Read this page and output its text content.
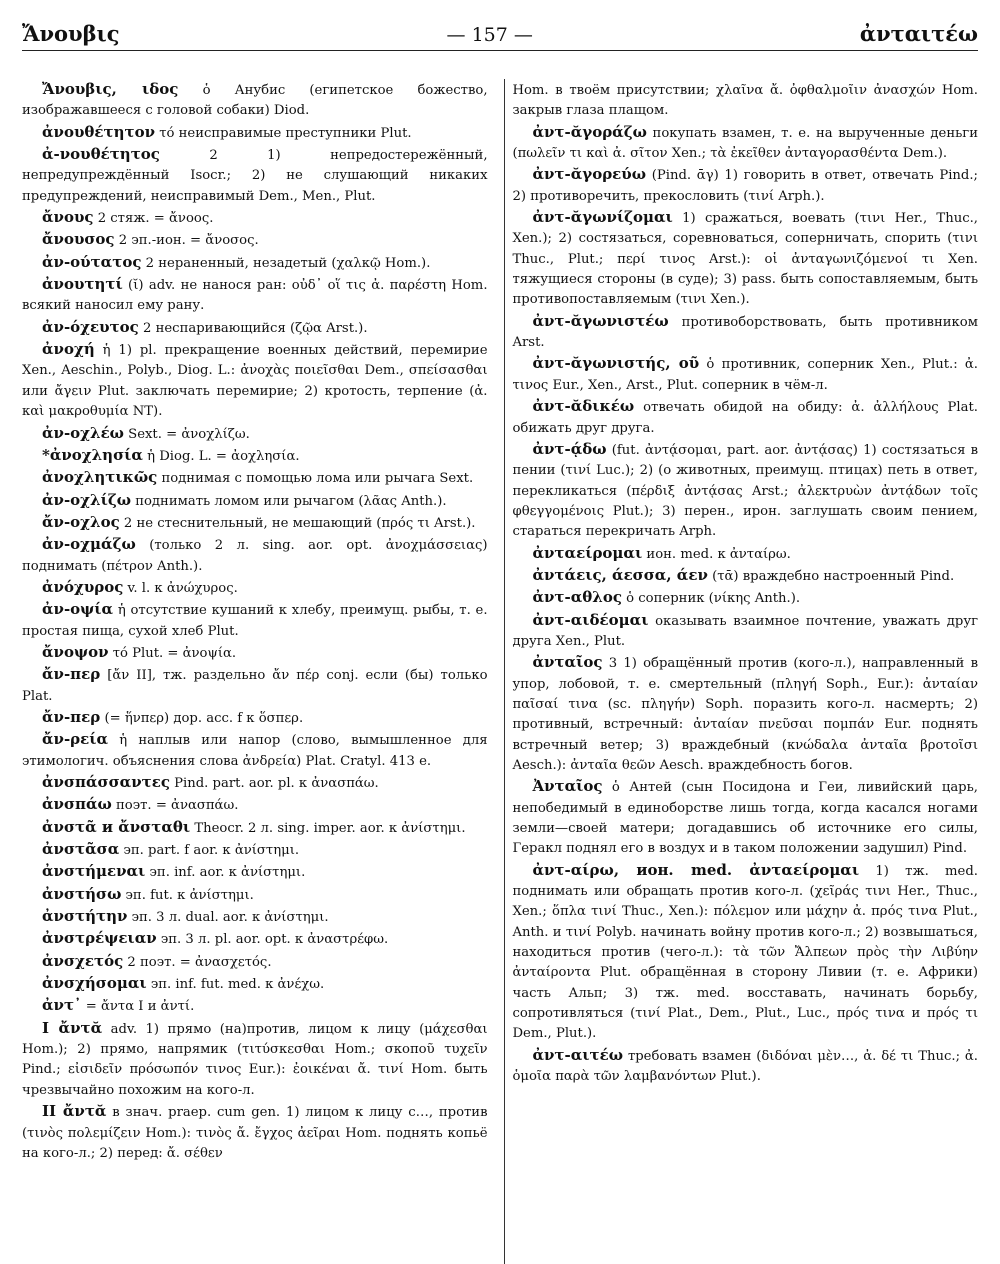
Ἄνουβις	— 157 —	ἀνταιτέω

Ἄνουβις, ιδος ὁ Анубис (египетское божество, изображавшееся с головой собаки) Diod.

ἀνουθέτητον τό неисправимые преступники Plut.

ἀ-νουθέτητος 2 1) непредостережённый, непредупреждённый Isocr.; 2) не слушающий никаких предупреждений, неисправимый Dem., Men., Plut.

ἄνους 2 стяж. = ἄνοος.

ἄνουσος 2 эп.-ион. = ἄνοσος.

ἀν-ούτατος 2 нераненный, незадетый (χαλκῷ Hom.).

ἀνουτητί (ῐ) adv. не нанося ран: οὐδ᾽ οἵ τις ἀ. παρέστη Hom. всякий наносил ему рану.

ἀν-όχευτος 2 неспаривающийся (ζῷα Arst.).

ἀνοχή ἡ 1) pl. прекращение военных действий, перемирие Xen., Aeschin., Polyb., Diog. L.: ἀνοχὰς ποιεῖσθαι Dem., σπείσασθαι или ἄγειν Plut. заключать перемирие; 2) кротость, терпение (ἀ. καὶ μακροθυμία NT).

ἀν-οχλέω Sext. = ἀνοχλίζω.

*ἀνοχλησία ἡ Diog. L. = ἀοχλησία.

ἀνοχλητικῶς поднимая с помощью лома или рычага Sext.

ἀν-οχλίζω поднимать ломом или рычагом (λᾶας Anth.).

ἄν-οχλος 2 не стеснительный, не мешающий (πρός τι Arst.).

ἀν-οχμάζω (только 2 л. sing. aor. opt. ἀνοχμάσσειας) поднимать (πέτρον Anth.).

ἀνόχυρος v. l. к ἀνώχυρος.

ἀν-οψία ἡ отсутствие кушаний к хлебу, преимущ. рыбы, т. е. простая пища, сухой хлеб Plut.

ἄνοψον τό Plut. = ἀνοψία.

ἄν-περ [ἄν II], тж. раздельно ἄν πέρ conj. если (бы) только Plat.

ἄν-περ (= ἥνπερ) дор. acc. f к ὅσπερ.

ἄν-ρεία ἡ наплыв или напор (слово, вымышленное для этимологич. объяснения слова ἀνδρεία) Plat. Cratyl. 413 e.

ἀνσπάσσαντες Pind. part. aor. pl. к ἀνασπάω.

ἀνσπάω поэт. = ἀνασπάω.

ἀνστᾶ и ἄνσταθι Theocr. 2 л. sing. imper. aor. к ἀνίστημι.

ἀνστᾶσα эп. part. f aor. к ἀνίστημι.

ἀνστήμεναι эп. inf. aor. к ἀνίστημι.

ἀνστήσω эп. fut. к ἀνίστημι.

ἀνστήτην эп. 3 л. dual. aor. к ἀνίστημι.

ἀνστρέψειαν эп. 3 л. pl. aor. opt. к ἀναστρέφω.

ἀνσχετός 2 поэт. = ἀνασχετός.

ἀνσχήσομαι эп. inf. fut. med. к ἀνέχω.

ἀντ᾽ = ἄντα I и ἀντί.

I ἄντᾰ adv. 1) прямо (на)против, лицом к лицу (μάχεσθαι Hom.); 2) прямо, напрямик (τιτύσκεσθαι Hom.; σκοποῦ τυχεῖν Pind.; εἰσιδεῖν πρόσωπόν τινος Eur.): ἐοικέναι ἄ. τινί Hom. быть чрезвычайно похожим на кого-л.

II ἄντᾰ в знач. praep. cum gen. 1) лицом к лицу с…, против (τινὸς πολεμίζειν Hom.): τινὸς ἄ. ἔγχος ἀεῖραι Hom. поднять копьё на кого-л.; 2) перед: ἄ. σέθεν

Hom. в твоём присутствии; χλαῖνα ἄ. ὀφθαλμοῖιν ἀνασχών Hom. закрыв глаза плащом.

ἀντ-ᾰγοράζω покупать взамен, т. е. на вырученные деньги (πωλεῖν τι καὶ ἀ. σῖτον Xen.; τὰ ἐκεῖθεν ἀνταγορασθέντα Dem.).

ἀντ-ᾰγορεύω (Pind. ᾱγ) 1) говорить в ответ, отвечать Pind.; 2) противоречить, прекословить (τινί Arph.).

ἀντ-ᾰγωνίζομαι 1) сражаться, воевать (τινι Her., Thuc., Xen.); 2) состязаться, соревноваться, соперничать, спорить (τινι Thuc., Plut.; περί τινος Arst.): οἱ ἀνταγωνιζόμενοί τι Xen. тяжущиеся стороны (в суде); 3) pass. быть сопоставляемым, быть противопоставляемым (τινι Xen.).

ἀντ-ᾰγωνιστέω противоборствовать, быть противником Arst.

ἀντ-ᾰγωνιστής, οῦ ὁ противник, соперник Xen., Plut.: ἀ. τινος Eur., Xen., Arst., Plut. соперник в чём-л.

ἀντ-ᾰδικέω отвечать обидой на обиду: ἀ. ἀλλήλους Plat. обижать друг друга.

ἀντ-ᾴδω (fut. ἀντᾴσομαι, part. aor. ἀντᾴσας) 1) состязаться в пении (τινί Luc.); 2) (о животных, преимущ. птицах) петь в ответ, перекликаться (πέρδιξ ἀντᾴσας Arst.; ἀλεκτρυὼν ἀντᾴδων τοῖς φθεγγομένοις Plut.); 3) перен., ирон. заглушать своим пением, стараться перекричать Arph.

ἀνταείρομαι ион. med. к ἀνταίρω.

ἀντάεις, άεσσα, άεν (τᾱ) враждебно настроенный Pind.

ἀντ-αθλος ὁ соперник (νίκης Anth.).

ἀντ-αιδέομαι оказывать взаимное почтение, уважать друг друга Xen., Plut.

ἀνταῖος 3 1) обращённый против (кого-л.), направленный в упор, лобовой, т. е. смертельный (πληγή Soph., Eur.): ἀνταίαν παῖσαί τινα (sc. πληγήν) Soph. поразить кого-л. насмерть; 2) противный, встречный: ἀνταίαν πνεῦσαι πομπάν Eur. поднять встречный ветер; 3) враждебный (κνώδαλα ἀνταῖα βροτοῖσι Aesch.): ἀνταῖα θεῶν Aesch. враждебность богов.

Ἀνταῖος ὁ Антей (сын Посидона и Геи, ливийский царь, непобедимый в единоборстве лишь тогда, когда касался ногами земли—своей матери; догадавшись об источнике его силы, Геракл поднял его в воздух и в таком положении задушил) Pind.

ἀντ-αίρω, ион. med. ἀνταείρομαι 1) тж. med. поднимать или обращать против кого-л. (χεῖράς τινι Her., Thuc., Xen.; ὅπλα τινί Thuc., Xen.): πόλεμον или μάχην ἀ. πρός τινα Plut., Anth. и τινί Polyb. начинать войну против кого-л.; 2) возвышаться, находиться против (чего-л.): τὰ τῶν Ἄλπεων πρὸς τὴν Λιβύην ἀνταίροντα Plut. обращённая в сторону Ливии (т. е. Африки) часть Альп; 3) тж. med. восставать, начинать борьбу, сопротивляться (τινί Plat., Dem., Plut., Luc., πρός τινα и πρός τι Dem., Plut.).

ἀντ-αιτέω требовать взамен (διδόναι μὲν…, ἀ. δέ τι Thuc.; ἀ. ὁμοῖα παρὰ τῶν λαμβανόντων Plut.).
